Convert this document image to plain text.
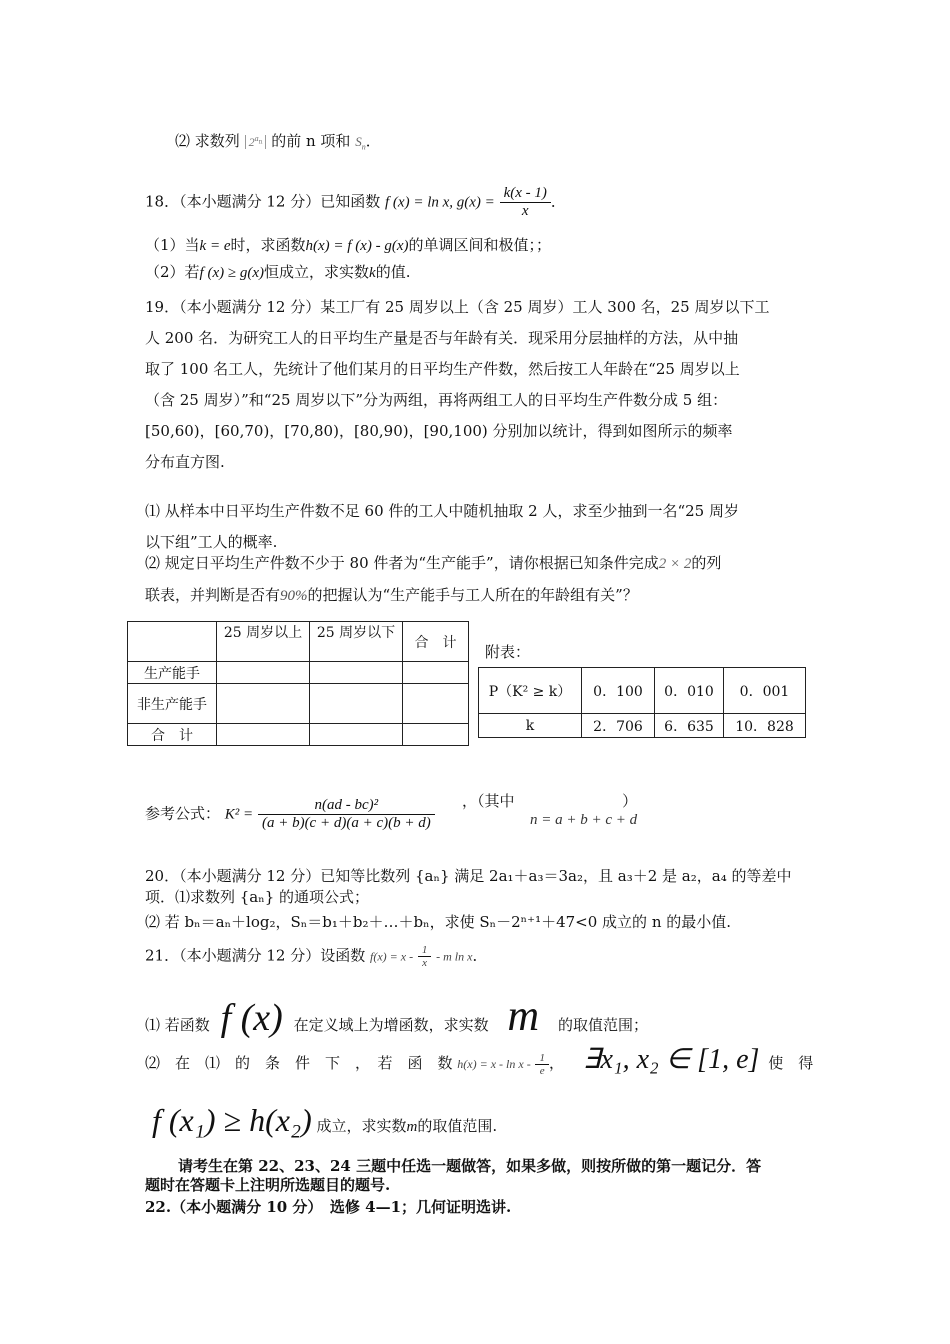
⑵ 求数列 $2^{a_n}$ 的前 n 项和 $S_n$．
18．（本小题满分 12 分）已知函数 f (x) = ln x, $g(x) = \frac{k(x - 1)}{x}$ ．
（1）当k = e时，求函数h(x) = f (x) - g(x)的单调区间和极值；；
（2）若f (x) ≥ g(x)恒成立，求实数k的值.
19．（本小题满分 12 分）某工厂有 25 周岁以上（含 25 周岁）工人 300 名，25 周岁以下工
人 200 名．为研究工人的日平均生产量是否与年龄有关．现采用分层抽样的方法，从中抽
取了 100 名工人，先统计了他们某月的日平均生产件数，然后按工人年龄在“25 周岁以上
（含 25 周岁）”和“25 周岁以下”分为两组，再将两组工人的日平均生产件数分成 5 组：
[50,60)，[60,70)，[70,80)，[80,90)，[90,100) 分别加以统计，得到如图所示的频率
分布直方图.
⑴ 从样本中日平均生产件数不足 60 件的工人中随机抽取 2 人，求至少抽到一名“25 周岁
以下组”工人的概率.
⑵ 规定日平均生产件数不少于 80 件者为“生产能手”，请你根据已知条件完成2 × 2的列
联表，并判断是否有90%的把握认为“生产能手与工人所在的年龄组有关”？
	25 周岁以上	25 周岁以下	合　计
生产能手			
非生产能手			
合　计			
附表：
P（K² ≥ k）	0．100	0．010	0．001
k	2．706	6．635	10．828
参考公式： $K^2 = \frac{\text{n(ad - bc)²}}{(a + b)(c + d)(a + c)(b + d)}$ ，（其中	）
n = a + b + c + d
20．（本小题满分 12 分）已知等比数列 {aₙ} 满足 2a₁＋a₃＝3a₂，且 a₃＋2 是 a₂，a₄ 的等差中
项．⑴求数列 {aₙ} 的通项公式；
⑵ 若 bₙ＝aₙ＋log₂，Sₙ＝b₁＋b₂＋…＋bₙ，求使 Sₙ－2ⁿ⁺¹＋47<0 成立的 n 的最小值.
21．（本小题满分 12 分）设函数 $f(x) = x - \frac{1}{x} - m$ ln x．
⑴ 若函数 f (x) 在定义域上为增函数，求实数 m 的取值范围；
⑵　在　⑴　的　条　件　下　，　若　函　数 $h(x) = x - \ln x - \frac{1}{e}$ ， ∃x₁, x₂ ∈ [1, e] 使　得
f (x₁) ≥ h(x₂) 成立，求实数m的取值范围.
请考生在第 22、23、24 三题中任选一题做答，如果多做，则按所做的第一题记分．答
题时在答题卡上注明所选题目的题号.
22.（本小题满分 10 分）　选修 4—1；几何证明选讲.
